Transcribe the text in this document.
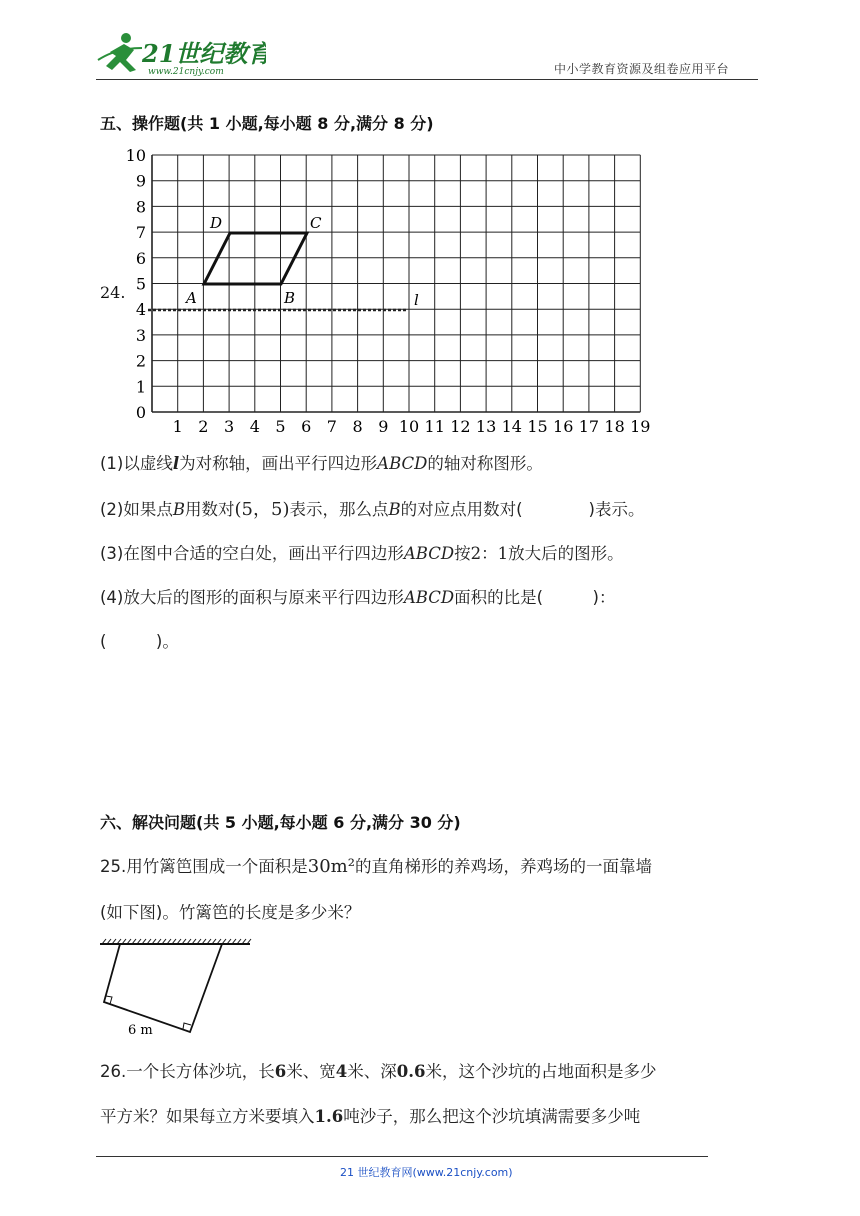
21世纪教育
www.21cnjy.com	中小学教育资源及组卷应用平台
五、操作题(共 1 小题,每小题 8 分,满分 8 分)
24.
10
9
8
7
6
5
4
3
2
1
0
1 2 3 4 5 6 7 8 9 10 11 12 13 14 15 16 17 18 19
A	B
C
D
l
(1)以虚线l为对称轴，画出平行四边形ABCD的轴对称图形。
(2)如果点B用数对(5，5)表示，那么点B的对应点用数对(　　　　)表示。
(3)在图中合适的空白处，画出平行四边形ABCD按2：1放大后的图形。
(4)放大后的图形的面积与原来平行四边形ABCD面积的比是(　　　)：
(　　　)。
六、解决问题(共 5 小题,每小题 6 分,满分 30 分)
25.用竹篱笆围成一个面积是30m²的直角梯形的养鸡场，养鸡场的一面靠墙
(如下图)。竹篱笆的长度是多少米？
6 m
26.一个长方体沙坑，长6米、宽4米、深0.6米，这个沙坑的占地面积是多少
平方米？如果每立方米要填入1.6吨沙子，那么把这个沙坑填满需要多少吨
21 世纪教育网(www.21cnjy.com)
